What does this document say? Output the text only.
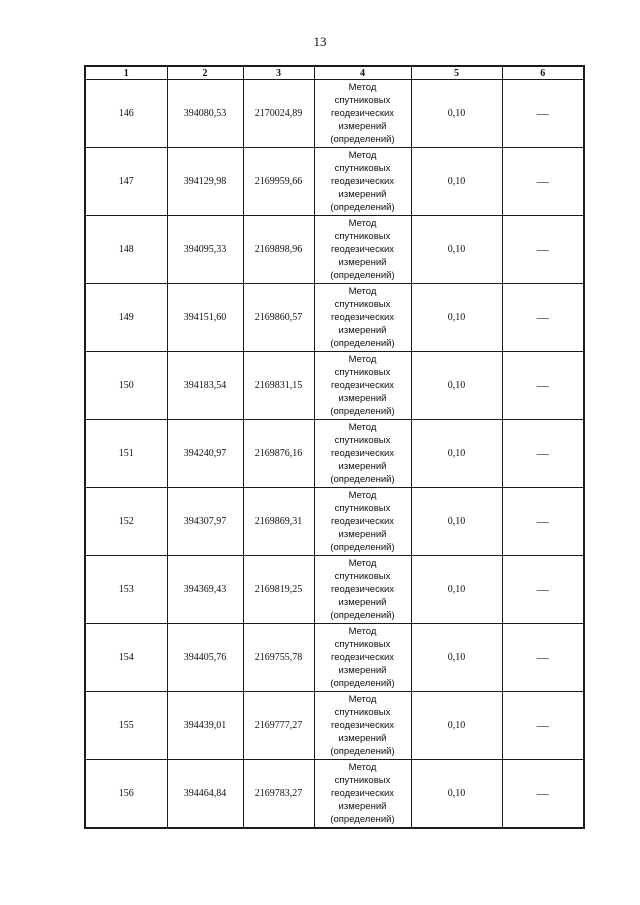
13
1	2	3	4	5	6
146	394080,53	2170024,89	Метод
спутниковых
геодезических
измерений
(определений)	0,10	—
147	394129,98	2169959,66	Метод
спутниковых
геодезических
измерений
(определений)	0,10	—
148	394095,33	2169898,96	Метод
спутниковых
геодезических
измерений
(определений)	0,10	—
149	394151,60	2169860,57	Метод
спутниковых
геодезических
измерений
(определений)	0,10	—
150	394183,54	2169831,15	Метод
спутниковых
геодезических
измерений
(определений)	0,10	—
151	394240,97	2169876,16	Метод
спутниковых
геодезических
измерений
(определений)	0,10	—
152	394307,97	2169869,31	Метод
спутниковых
геодезических
измерений
(определений)	0,10	—
153	394369,43	2169819,25	Метод
спутниковых
геодезических
измерений
(определений)	0,10	—
154	394405,76	2169755,78	Метод
спутниковых
геодезических
измерений
(определений)	0,10	—
155	394439,01	2169777,27	Метод
спутниковых
геодезических
измерений
(определений)	0,10	—
156	394464,84	2169783,27	Метод
спутниковых
геодезических
измерений
(определений)	0,10	—
